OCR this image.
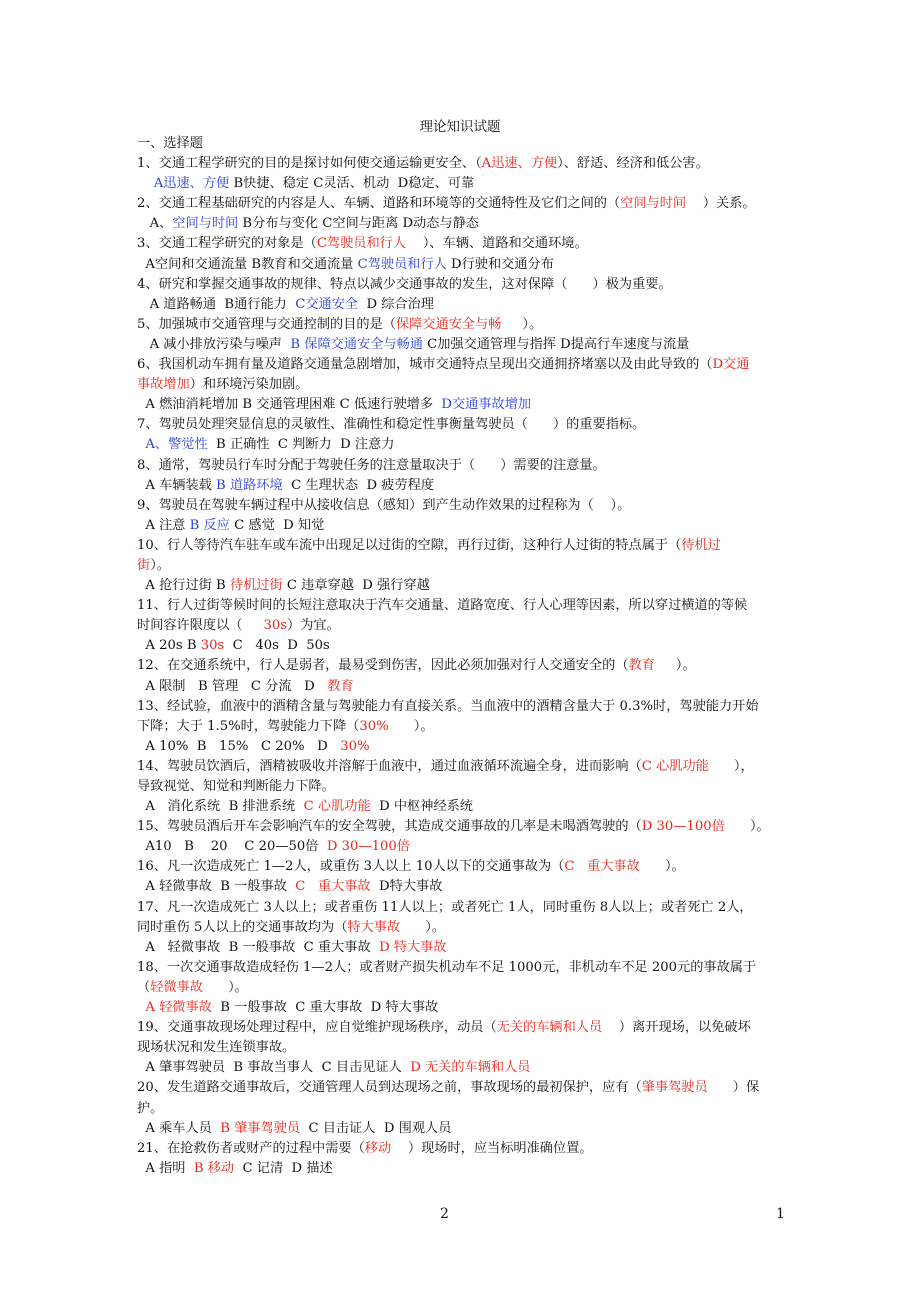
理论知识试题
一、选择题
1、交通工程学研究的目的是探讨如何使交通运输更安全、（A迅速、方便）、舒适、经济和低公害。
A迅速、方便 B快捷、稳定 C灵活、机动  D稳定、可靠
2、交通工程基础研究的内容是人、车辆、道路和环境等的交通特性及它们之间的（空间与时间    ）关系。
A、空间与时间 B分布与变化 C空间与距离 D动态与静态
3、交通工程学研究的对象是（C驾驶员和行人    ）、车辆、道路和交通环境。
A空间和交通流量 B教育和交通流量 C驾驶员和行人 D行驶和交通分布
4、研究和掌握交通事故的规律、特点以减少交通事故的发生，这对保障（      ）极为重要。
A 道路畅通  B通行能力  C交通安全  D 综合治理
5、加强城市交通管理与交通控制的目的是（保障交通安全与畅     ）。
A 减小排放污染与噪声  B 保障交通安全与畅通 C加强交通管理与指挥 D提高行车速度与流量
6、我国机动车拥有量及道路交通量急剧增加，城市交通特点呈现出交通拥挤堵塞以及由此导致的（D交通
事故增加）和环境污染加剧。
A 燃油消耗增加 B 交通管理困难 C 低速行驶增多  D交通事故增加
7、驾驶员处理突显信息的灵敏性、准确性和稳定性事衡量驾驶员（      ）的重要指标。
A、警觉性  B 正确性  C 判断力  D 注意力
8、通常，驾驶员行车时分配于驾驶任务的注意量取决于（      ）需要的注意量。
A 车辆装载 B 道路环境  C 生理状态  D 疲劳程度
9、驾驶员在驾驶车辆过程中从接收信息（感知）到产生动作效果的过程称为（    ）。
A 注意 B 反应 C 感觉  D 知觉
10、行人等待汽车驻车或车流中出现足以过街的空隙，再行过街，这种行人过街的特点属于（待机过
街）。
A 抢行过街 B 待机过街 C 违章穿越  D 强行穿越
11、行人过街等候时间的长短注意取决于汽车交通量、道路宽度、行人心理等因素，所以穿过横道的等候
时间容许限度以（     30s）为宜。
A 20s B 30s  C   40s  D  50s
12、在交通系统中，行人是弱者，最易受到伤害，因此必须加强对行人交通安全的（教育     ）。
A 限制   B 管理   C 分流   D   教育
13、经试验，血液中的酒精含量与驾驶能力有直接关系。当血液中的酒精含量大于 0.3%时，驾驶能力开始
下降；大于 1.5%时，驾驶能力下降（30%      ）。
A 10%  B   15%   C 20%   D   30%
14、驾驶员饮酒后，酒精被吸收并溶解于血液中，通过血液循环流遍全身，进而影响（C 心肌功能      ），
导致视觉、知觉和判断能力下降。
A   消化系统  B 排泄系统  C 心肌功能  D 中枢神经系统
15、驾驶员酒后开车会影响汽车的安全驾驶，其造成交通事故的几率是未喝酒驾驶的（D 30—100倍      ）。
A10   B    20    C 20—50倍  D 30—100倍
16、凡一次造成死亡 1—2人，或重伤 3人以上 10人以下的交通事故为（C   重大事故      ）。
A 轻微事故  B 一般事故  C   重大事故  D特大事故
17、凡一次造成死亡 3人以上；或者重伤 11人以上；或者死亡 1人，同时重伤 8人以上；或者死亡 2人，
同时重伤 5人以上的交通事故均为（特大事故      ）。
A   轻微事故  B 一般事故  C 重大事故  D 特大事故
18、一次交通事故造成轻伤 1—2人；或者财产损失机动车不足 1000元，非机动车不足 200元的事故属于
（轻微事故      ）。
A 轻微事故  B 一般事故  C 重大事故  D 特大事故
19、交通事故现场处理过程中，应自觉维护现场秩序，动员（无关的车辆和人员    ）离开现场，以免破坏
现场状况和发生连锁事故。
A 肇事驾驶员  B 事故当事人  C 目击见证人  D 无关的车辆和人员
20、发生道路交通事故后，交通管理人员到达现场之前，事故现场的最初保护，应有（肇事驾驶员      ）保
护。
A 乘车人员  B 肇事驾驶员  C 目击证人  D 围观人员
21、在抢救伤者或财产的过程中需要（移动    ）现场时，应当标明准确位置。
A 指明  B 移动  C 记清  D 描述
2	1
